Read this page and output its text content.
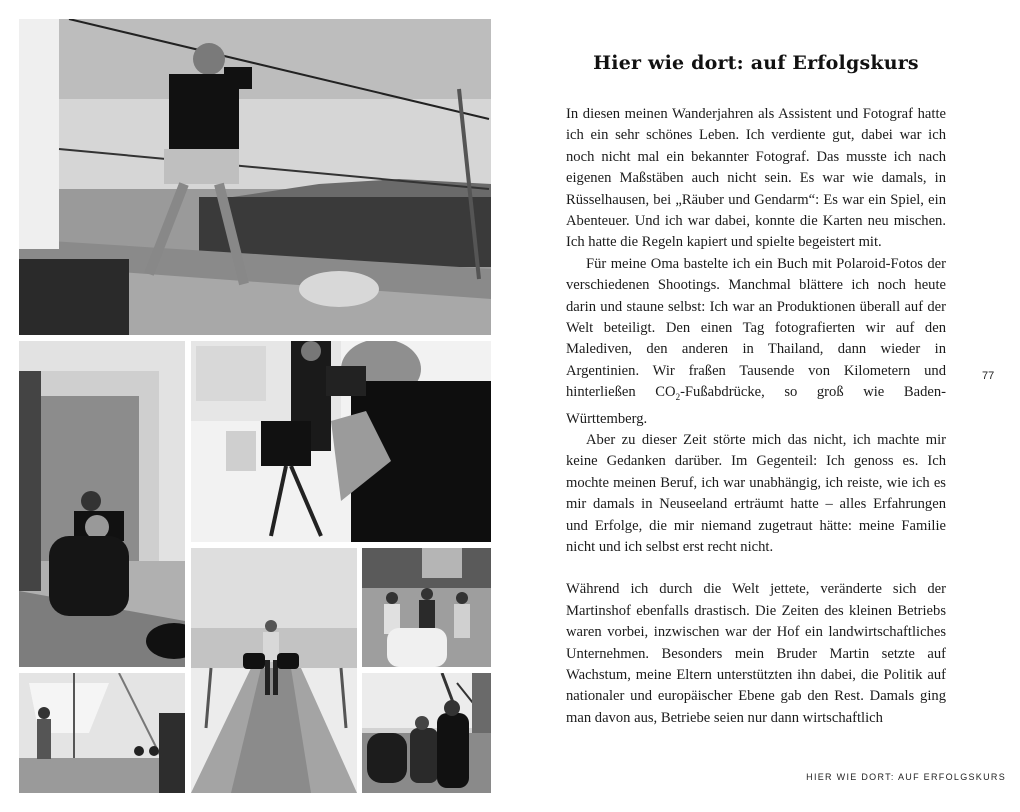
Hier wie dort: auf Erfolgskurs

In diesen meinen Wanderjahren als Assistent und Fotograf hatte ich ein sehr schönes Leben. Ich verdiente gut, dabei war ich noch nicht mal ein bekannter Fotograf. Das musste ich nach eigenen Maßstäben auch nicht sein. Es war wie damals, in Rüsselhausen, bei „Räuber und Gendarm“: Es war ein Spiel, ein Abenteuer. Und ich war dabei, konnte die Karten neu mischen. Ich hatte die Regeln kapiert und spielte begeistert mit.

Für meine Oma bastelte ich ein Buch mit Polaroid-Fotos der verschiedenen Shootings. Manchmal blättere ich noch heute darin und staune selbst: Ich war an Produktionen überall auf der Welt beteiligt. Den einen Tag fotografierten wir auf den Malediven, den anderen in Thailand, dann wieder in Argentinien. Wir fraßen Tausende von Kilometern und hinterließen $CO_2$-Fußabdrücke, so groß wie Baden-Württemberg.

Aber zu dieser Zeit störte mich das nicht, ich machte mir keine Gedanken darüber. Im Gegenteil: Ich genoss es. Ich mochte meinen Beruf, ich war unabhängig, ich reiste, wie ich es mir damals in Neuseeland erträumt hatte – alles Erfahrungen und Erfolge, die mir niemand zugetraut hätte: meine Familie nicht und ich selbst erst recht nicht.

Während ich durch die Welt jettete, veränderte sich der Martinshof ebenfalls drastisch. Die Zeiten des kleinen Betriebs waren vorbei, inzwischen war der Hof ein landwirtschaftliches Unternehmen. Besonders mein Bruder Martin setzte auf Wachstum, meine Eltern unterstützten ihn dabei, die Politik auf nationaler und europäischer Ebene gab den Rest. Damals ging man davon aus, Betriebe seien nur dann wirtschaftlich

77
HIER WIE DORT: AUF ERFOLGSKURS
